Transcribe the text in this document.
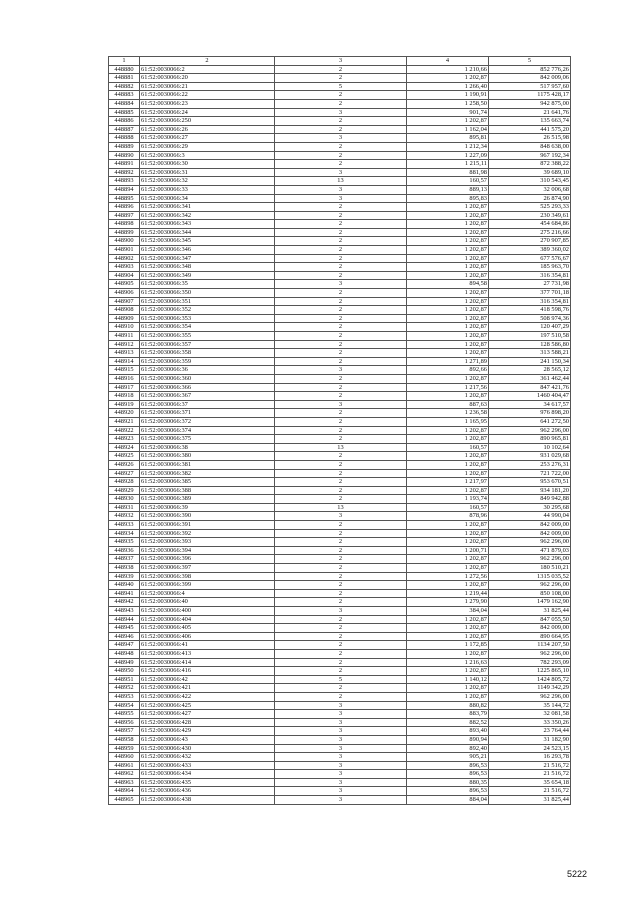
1	2	3	4	5
448880	61:52:0030066:2	2	1 210,66	852 776,26
448881	61:52:0030066:20	2	1 202,87	842 009,06
448882	61:52:0030066:21	5	1 266,40	517 957,60
448883	61:52:0030066:22	2	1 190,91	1175 428,17
448884	61:52:0030066:23	2	1 258,50	942 875,00
448885	61:52:0030066:24	3	901,74	21 641,76
448886	61:52:0030066:250	2	1 202,87	135 663,74
448887	61:52:0030066:26	2	1 162,04	441 575,20
448888	61:52:0030066:27	3	895,81	26 515,98
448889	61:52:0030066:29	2	1 212,34	848 638,00
448890	61:52:0030066:3	2	1 227,09	967 192,34
448891	61:52:0030066:30	2	1 215,11	872 388,22
448892	61:52:0030066:31	3	881,98	39 689,10
448893	61:52:0030066:32	13	160,57	310 543,45
448894	61:52:0030066:33	3	889,13	32 006,68
448895	61:52:0030066:34	3	895,83	26 874,90
448896	61:52:0030066:341	2	1 202,87	525 293,33
448897	61:52:0030066:342	2	1 202,87	230 349,61
448898	61:52:0030066:343	2	1 202,87	454 684,86
448899	61:52:0030066:344	2	1 202,87	275 216,66
448900	61:52:0030066:345	2	1 202,87	270 907,85
448901	61:52:0030066:346	2	1 202,87	389 360,02
448902	61:52:0030066:347	2	1 202,87	677 576,67
448903	61:52:0030066:348	2	1 202,87	185 963,70
448904	61:52:0030066:349	2	1 202,87	316 354,81
448905	61:52:0030066:35	3	894,58	27 731,98
448906	61:52:0030066:350	2	1 202,87	377 701,18
448907	61:52:0030066:351	2	1 202,87	316 354,81
448908	61:52:0030066:352	2	1 202,87	418 598,76
448909	61:52:0030066:353	2	1 202,87	508 974,36
448910	61:52:0030066:354	2	1 202,87	120 407,29
448911	61:52:0030066:355	2	1 202,87	197 510,58
448912	61:52:0030066:357	2	1 202,87	128 586,80
448913	61:52:0030066:358	2	1 202,87	313 588,21
448914	61:52:0030066:359	2	1 271,89	241 150,34
448915	61:52:0030066:36	3	892,66	28 565,12
448916	61:52:0030066:360	2	1 202,87	361 462,44
448917	61:52:0030066:366	2	1 217,56	847 421,76
448918	61:52:0030066:367	2	1 202,87	1460 404,47
448919	61:52:0030066:37	3	887,63	34 617,57
448920	61:52:0030066:371	2	1 236,58	976 898,20
448921	61:52:0030066:372	2	1 165,95	641 272,50
448922	61:52:0030066:374	2	1 202,87	962 296,00
448923	61:52:0030066:375	2	1 202,87	890 965,81
448924	61:52:0030066:38	13	160,57	10 102,64
448925	61:52:0030066:380	2	1 202,87	931 029,68
448926	61:52:0030066:381	2	1 202,87	253 276,31
448927	61:52:0030066:382	2	1 202,87	721 722,00
448928	61:52:0030066:385	2	1 217,97	953 670,51
448929	61:52:0030066:388	2	1 202,87	934 181,20
448930	61:52:0030066:389	2	1 193,74	849 942,88
448931	61:52:0030066:39	13	160,57	30 295,68
448932	61:52:0030066:390	3	878,96	44 990,04
448933	61:52:0030066:391	2	1 202,87	842 009,00
448934	61:52:0030066:392	2	1 202,87	842 009,00
448935	61:52:0030066:393	2	1 202,87	962 296,00
448936	61:52:0030066:394	2	1 200,71	471 879,03
448937	61:52:0030066:396	2	1 202,87	962 296,00
448938	61:52:0030066:397	2	1 202,87	180 510,21
448939	61:52:0030066:398	2	1 272,56	1315 035,52
448940	61:52:0030066:399	2	1 202,87	962 296,00
448941	61:52:0030066:4	2	1 219,44	850 108,00
448942	61:52:0030066:40	2	1 279,90	1479 162,90
448943	61:52:0030066:400	3	384,04	31 825,44
448944	61:52:0030066:404	2	1 202,87	847 055,50
448945	61:52:0030066:405	2	1 202,87	842 009,00
448946	61:52:0030066:406	2	1 202,87	890 664,95
448947	61:52:0030066:41	2	1 172,85	1134 207,50
448948	61:52:0030066:413	2	1 202,87	962 296,00
448949	61:52:0030066:414	2	1 216,63	782 293,09
448950	61:52:0030066:416	2	1 202,87	1225 865,10
448951	61:52:0030066:42	5	1 140,12	1424 805,72
448952	61:52:0030066:421	2	1 202,87	1149 342,29
448953	61:52:0030066:422	2	1 202,87	962 296,00
448954	61:52:0030066:425	3	880,82	35 144,72
448955	61:52:0030066:427	3	883,79	32 081,58
448956	61:52:0030066:428	3	882,52	33 350,26
448957	61:52:0030066:429	3	893,40	23 764,44
448958	61:52:0030066:43	3	890,94	31 182,90
448959	61:52:0030066:430	3	892,40	24 523,15
448960	61:52:0030066:432	3	905,21	16 293,78
448961	61:52:0030066:433	3	896,53	21 516,72
448962	61:52:0030066:434	3	896,53	21 516,72
448963	61:52:0030066:435	3	880,35	35 654,18
448964	61:52:0030066:436	3	896,53	21 516,72
448965	61:52:0030066:438	3	884,04	31 825,44
5222
